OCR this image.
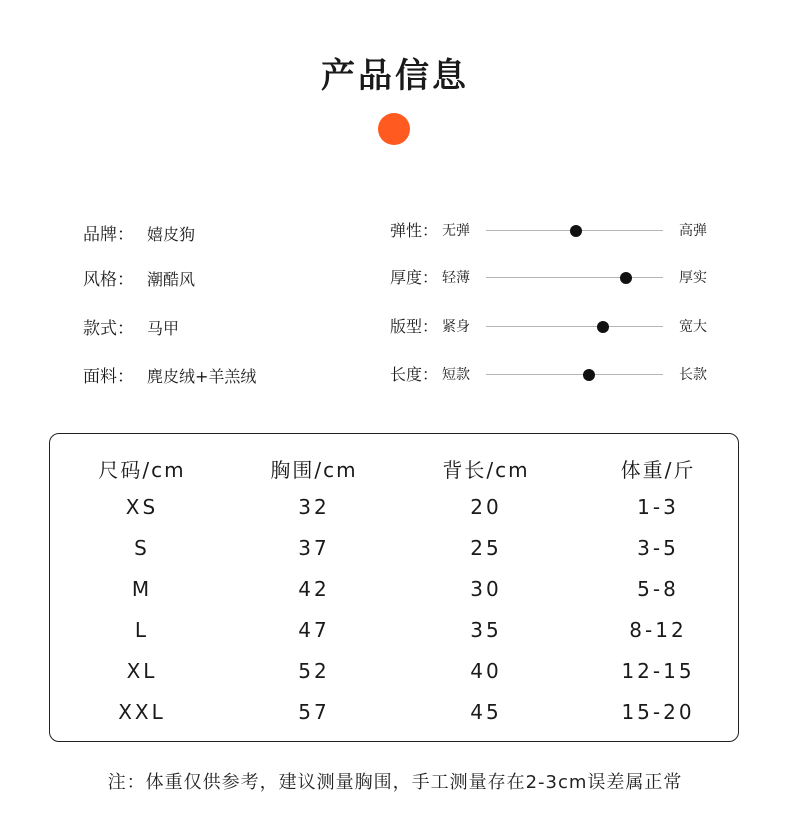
产品信息
品牌： 嬉皮狗
风格： 潮酷风
款式： 马甲
面料： 麂皮绒+羊羔绒
弹性： 无弹	高弹
厚度： 轻薄	厚实
版型： 紧身	宽大
长度： 短款	长款
尺码/cm	胸围/cm	背长/cm	体重/斤
XS	32	20	1-3
S	37	25	3-5
M	42	30	5-8
L	47	35	8-12
XL	52	40	12-15
XXL	57	45	15-20
注：体重仅供参考，建议测量胸围，手工测量存在2-3cm误差属正常
